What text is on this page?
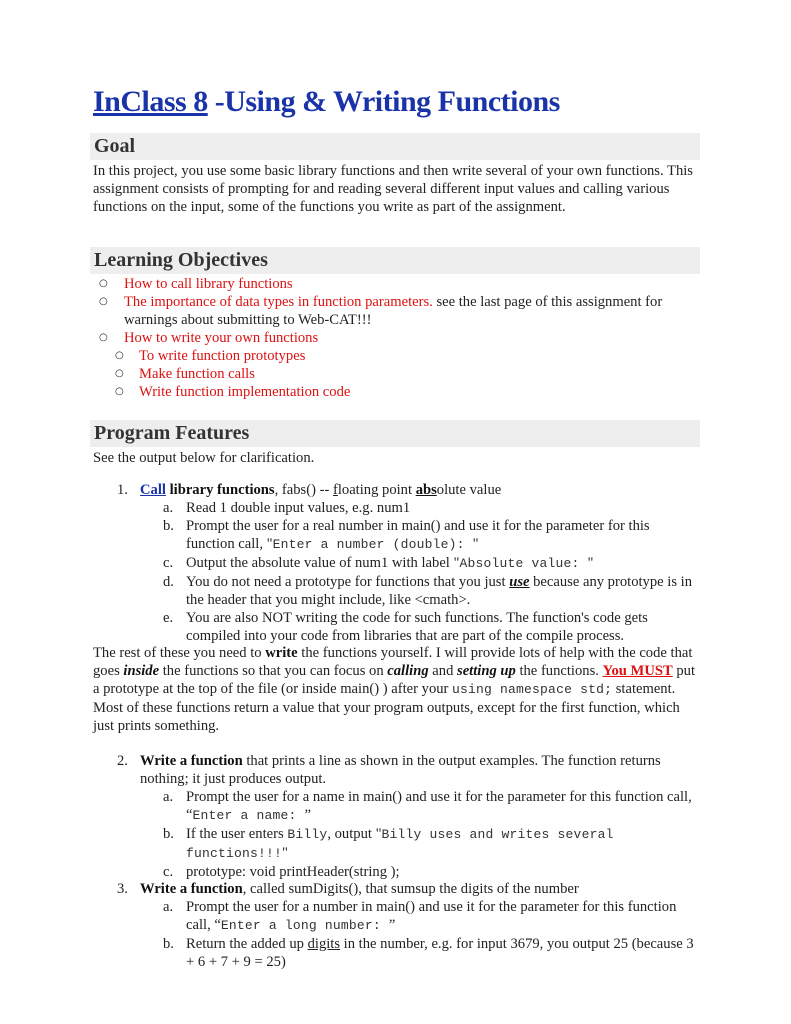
InClass 8 -Using & Writing Functions
Goal

In this project, you use some basic library functions and then write several of your own functions. This assignment consists of prompting for and reading several different input values and calling various functions on the input, some of the functions you write as part of the assignment.

Learning Objectives
○ How to call library functions
○ The importance of data types in function parameters. see the last page of this assignment for warnings about submitting to Web-CAT!!!
○ How to write your own functions
○ To write function prototypes
○ Make function calls
○ Write function implementation code
Program Features

See the output below for clarification.

1. Call library functions, fabs() -- floating point absolute value
a. Read 1 double input values, e.g. num1
b. Prompt the user for a real number in main() and use it for the parameter for this function call, "Enter a number (double): "
c. Output the absolute value of num1 with label "Absolute value: "
d. You do not need a prototype for functions that you just use because any prototype is in the header that you might include, like <cmath>.
e. You are also NOT writing the code for such functions. The function's code gets compiled into your code from libraries that are part of the compile process.

The rest of these you need to write the functions yourself. I will provide lots of help with the code that goes inside the functions so that you can focus on calling and setting up the functions. You MUST put a prototype at the top of the file (or inside main() ) after your using namespace std; statement. Most of these functions return a value that your program outputs, except for the first function, which just prints something.

2. Write a function that prints a line as shown in the output examples. The function returns nothing; it just produces output.
a. Prompt the user for a name in main() and use it for the parameter for this function call, “Enter a name: ”
b. If the user enters Billy, output "Billy uses and writes several functions!!!"
c. prototype: void printHeader(string );
3. Write a function, called sumDigits(), that sumsup the digits of the number
a. Prompt the user for a number in main() and use it for the parameter for this function call, “Enter a long number: ”
b. Return the added up digits in the number, e.g. for input 3679, you output 25 (because 3 + 6 + 7 + 9 = 25)
